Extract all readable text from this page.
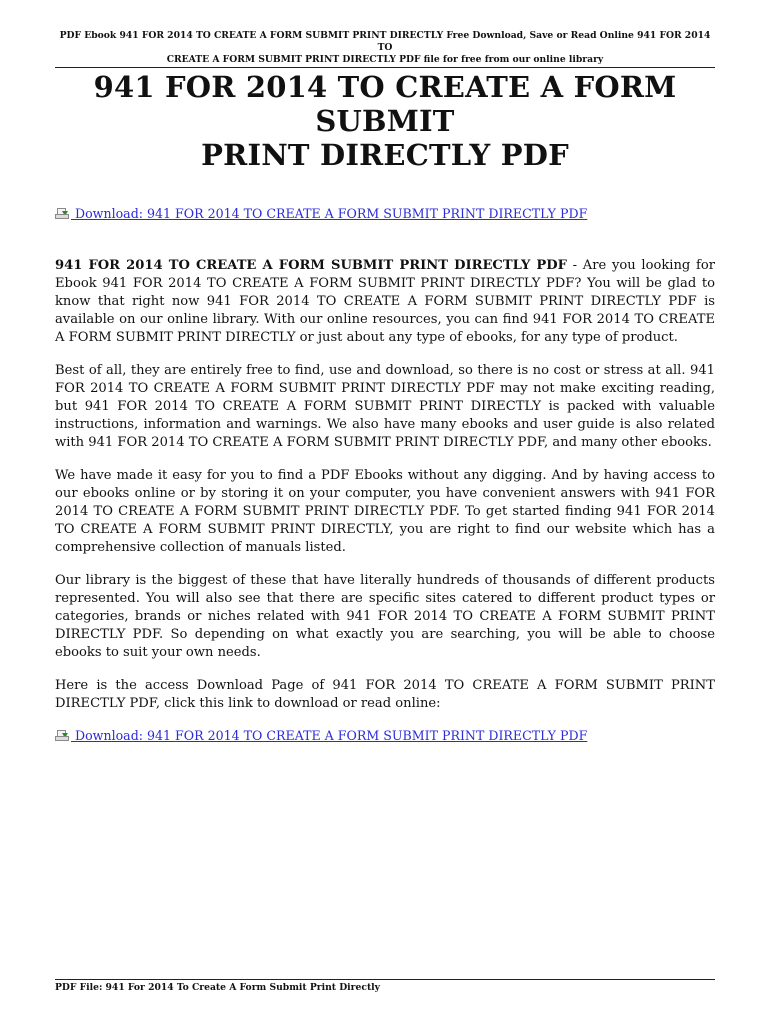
PDF Ebook 941 FOR 2014 TO CREATE A FORM SUBMIT PRINT DIRECTLY Free Download, Save or Read Online 941 FOR 2014 TO
CREATE A FORM SUBMIT PRINT DIRECTLY PDF file for free from our online library
941 FOR 2014 TO CREATE A FORM SUBMIT
PRINT DIRECTLY PDF
Download: 941 FOR 2014 TO CREATE A FORM SUBMIT PRINT DIRECTLY PDF

941 FOR 2014 TO CREATE A FORM SUBMIT PRINT DIRECTLY PDF - Are you looking for Ebook 941 FOR 2014 TO CREATE A FORM SUBMIT PRINT DIRECTLY PDF? You will be glad to know that right now 941 FOR 2014 TO CREATE A FORM SUBMIT PRINT DIRECTLY PDF is available on our online library. With our online resources, you can find 941 FOR 2014 TO CREATE A FORM SUBMIT PRINT DIRECTLY or just about any type of ebooks, for any type of product.

Best of all, they are entirely free to find, use and download, so there is no cost or stress at all. 941 FOR 2014 TO CREATE A FORM SUBMIT PRINT DIRECTLY PDF may not make exciting reading, but 941 FOR 2014 TO CREATE A FORM SUBMIT PRINT DIRECTLY is packed with valuable instructions, information and warnings. We also have many ebooks and user guide is also related with 941 FOR 2014 TO CREATE A FORM SUBMIT PRINT DIRECTLY PDF, and many other ebooks.

We have made it easy for you to find a PDF Ebooks without any digging. And by having access to our ebooks online or by storing it on your computer, you have convenient answers with 941 FOR 2014 TO CREATE A FORM SUBMIT PRINT DIRECTLY PDF. To get started finding 941 FOR 2014 TO CREATE A FORM SUBMIT PRINT DIRECTLY, you are right to find our website which has a comprehensive collection of manuals listed.

Our library is the biggest of these that have literally hundreds of thousands of different products represented. You will also see that there are specific sites catered to different product types or categories, brands or niches related with 941 FOR 2014 TO CREATE A FORM SUBMIT PRINT DIRECTLY PDF. So depending on what exactly you are searching, you will be able to choose ebooks to suit your own needs.

Here is the access Download Page of 941 FOR 2014 TO CREATE A FORM SUBMIT PRINT DIRECTLY PDF, click this link to download or read online:

Download: 941 FOR 2014 TO CREATE A FORM SUBMIT PRINT DIRECTLY PDF
PDF File: 941 For 2014 To Create A Form Submit Print Directly
